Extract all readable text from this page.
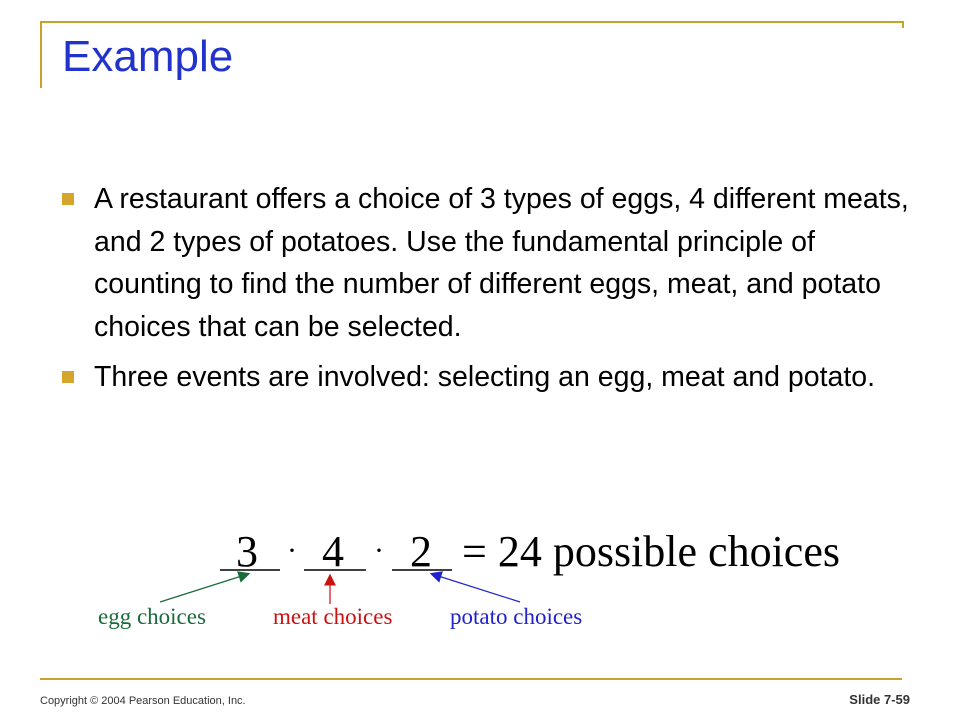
Example
A restaurant offers a choice of 3 types of eggs, 4 different meats, and 2 types of potatoes. Use the fundamental principle of counting to find the number of different eggs, meat, and potato choices that can be selected.
Three events are involved: selecting an egg, meat and potato.
3 · 4 · 2 = 24 possible choices
egg choices	meat choices	potato choices
Copyright © 2004 Pearson Education, Inc.	Slide 7-59
